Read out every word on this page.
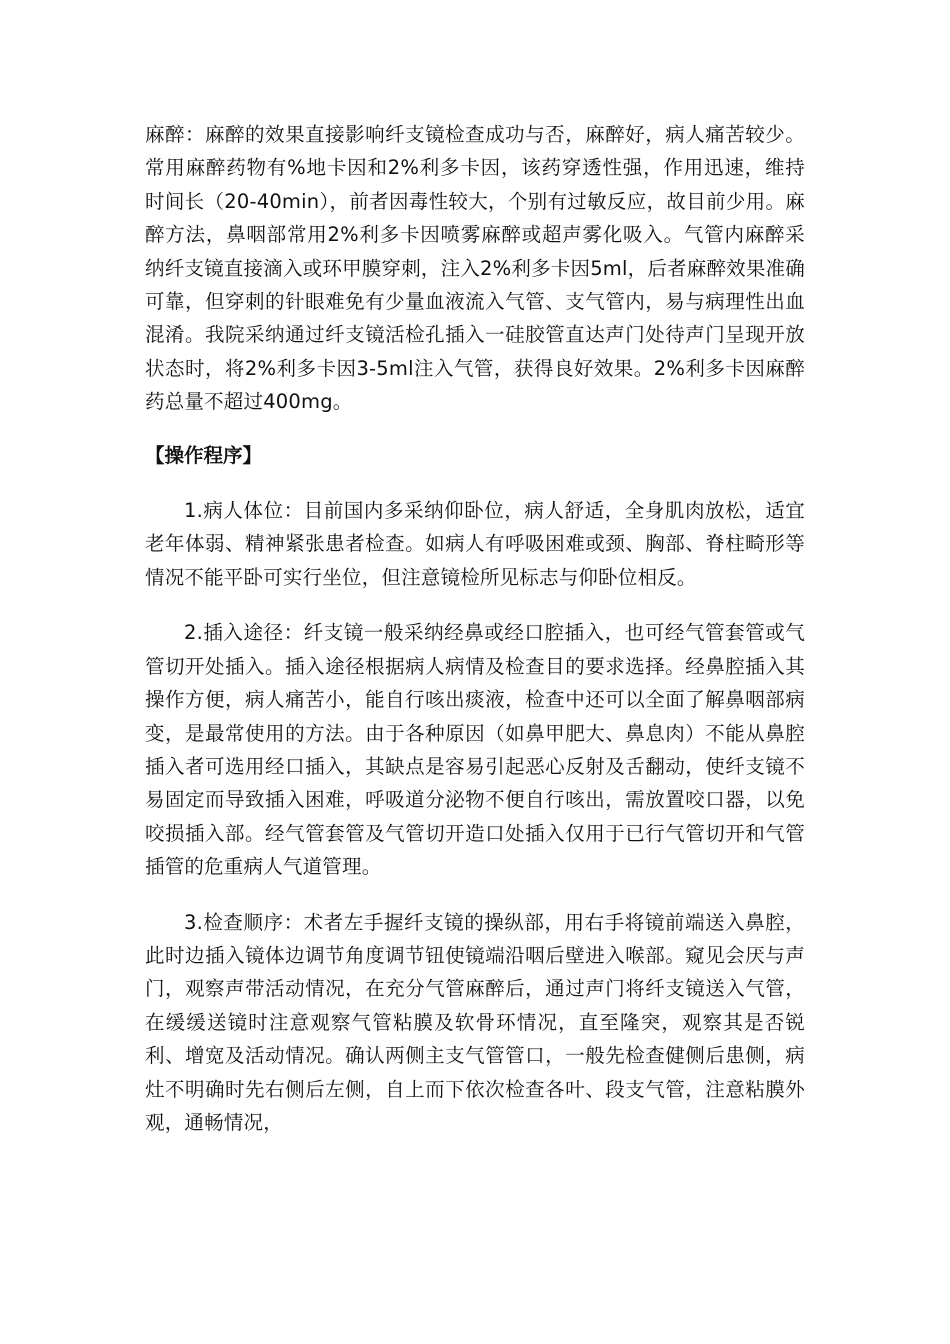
麻醉：麻醉的效果直接影响纤支镜检查成功与否，麻醉好，病人痛苦较少。常用麻醉药物有%地卡因和2%利多卡因，该药穿透性强，作用迅速，维持时间长（20-40min），前者因毒性较大，个别有过敏反应，故目前少用。麻醉方法，鼻咽部常用2%利多卡因喷雾麻醉或超声雾化吸入。气管内麻醉采纳纤支镜直接滴入或环甲膜穿刺，注入2%利多卡因5ml，后者麻醉效果准确可靠，但穿刺的针眼难免有少量血液流入气管、支气管内，易与病理性出血混淆。我院采纳通过纤支镜活检孔插入一硅胶管直达声门处待声门呈现开放状态时，将2%利多卡因3-5ml注入气管，获得良好效果。2%利多卡因麻醉药总量不超过400mg。

【操作程序】

1.病人体位：目前国内多采纳仰卧位，病人舒适，全身肌肉放松，适宜老年体弱、精神紧张患者检查。如病人有呼吸困难或颈、胸部、脊柱畸形等情况不能平卧可实行坐位，但注意镜检所见标志与仰卧位相反。

2.插入途径：纤支镜一般采纳经鼻或经口腔插入，也可经气管套管或气管切开处插入。插入途径根据病人病情及检查目的要求选择。经鼻腔插入其操作方便，病人痛苦小，能自行咳出痰液，检查中还可以全面了解鼻咽部病变，是最常使用的方法。由于各种原因（如鼻甲肥大、鼻息肉）不能从鼻腔插入者可选用经口插入，其缺点是容易引起恶心反射及舌翻动，使纤支镜不易固定而导致插入困难，呼吸道分泌物不便自行咳出，需放置咬口器，以免咬损插入部。经气管套管及气管切开造口处插入仅用于已行气管切开和气管插管的危重病人气道管理。

3.检查顺序：术者左手握纤支镜的操纵部，用右手将镜前端送入鼻腔，此时边插入镜体边调节角度调节钮使镜端沿咽后壁进入喉部。窥见会厌与声门，观察声带活动情况，在充分气管麻醉后，通过声门将纤支镜送入气管，在缓缓送镜时注意观察气管粘膜及软骨环情况，直至隆突，观察其是否锐利、增宽及活动情况。确认两侧主支气管管口，一般先检查健侧后患侧，病灶不明确时先右侧后左侧，自上而下依次检查各叶、段支气管，注意粘膜外观，通畅情况，
